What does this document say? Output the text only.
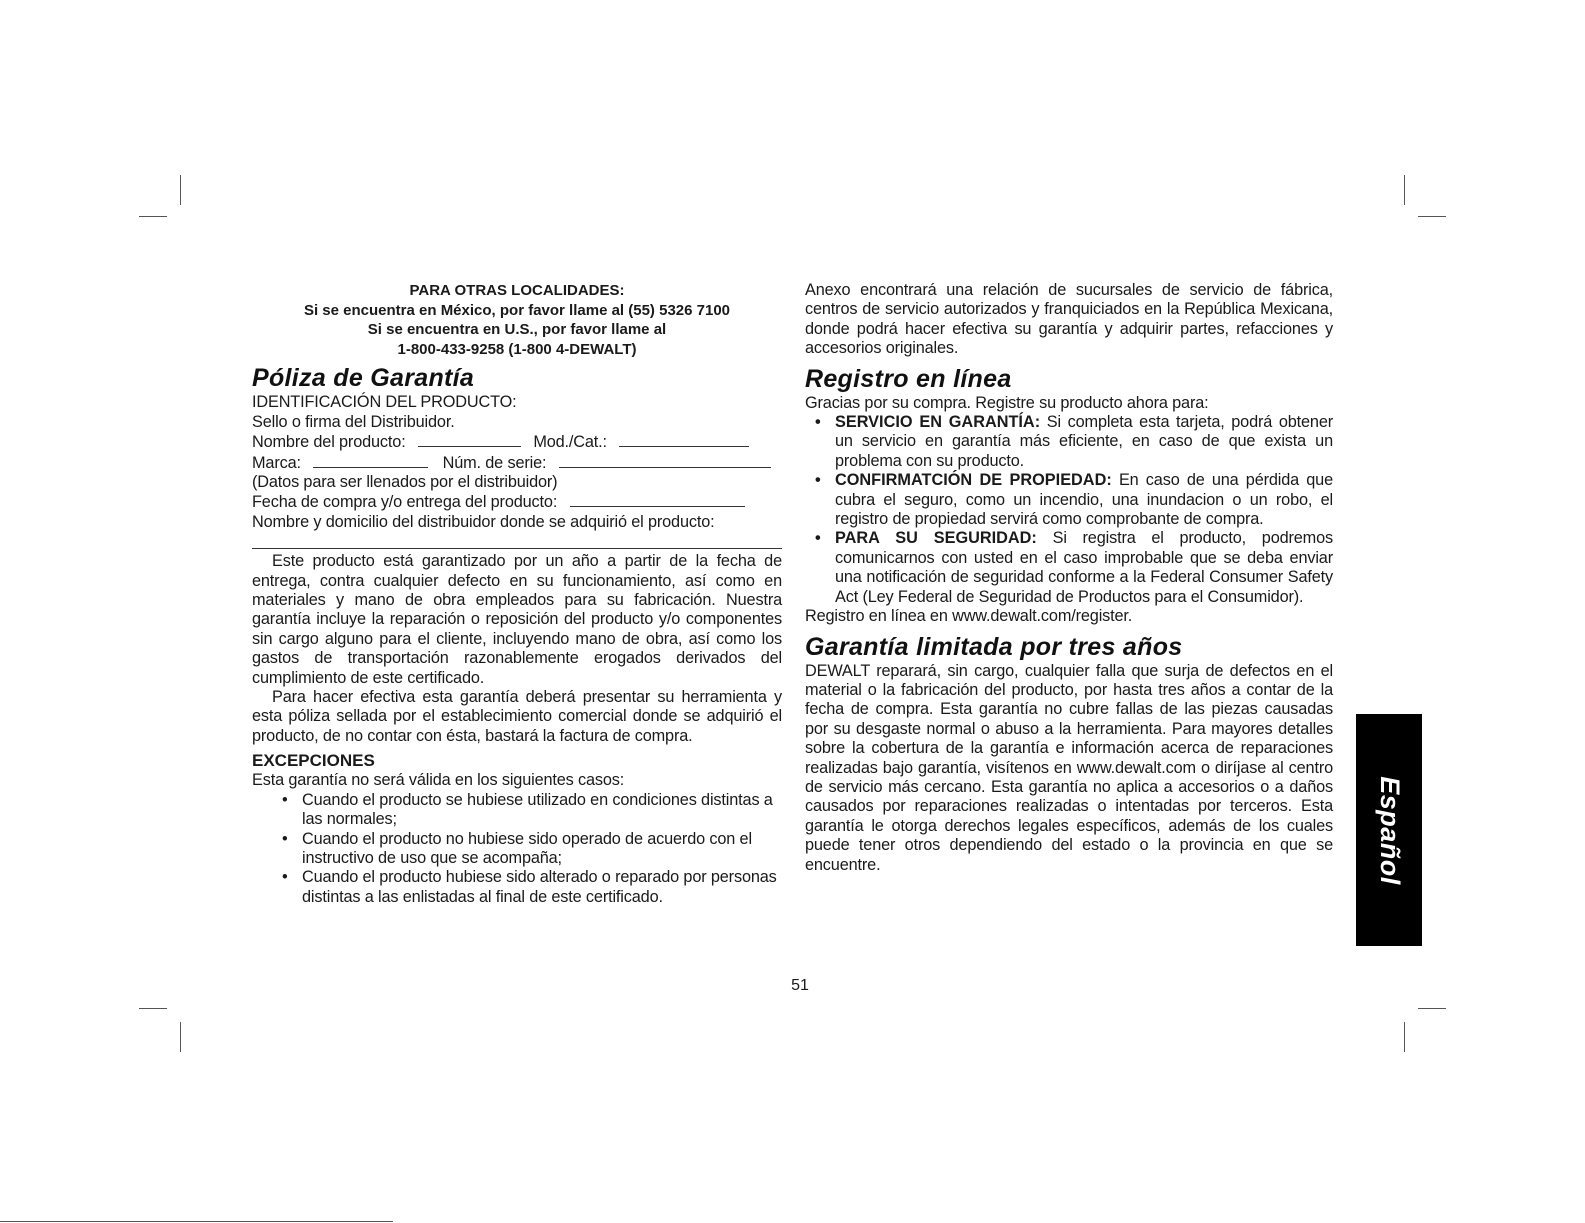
PARA OTRAS LOCALIDADES:
Si se encuentra en México, por favor llame al (55) 5326 7100
Si se encuentra en U.S., por favor llame al
1-800-433-9258 (1-800 4-DEWALT)
Póliza de Garantía
IDENTIFICACIÓN DEL PRODUCTO:
Sello o firma del Distribuidor.
Nombre del producto:	Mod./Cat.:
Marca:	Núm. de serie:
(Datos para ser llenados por el distribuidor)
Fecha de compra y/o entrega del producto:
Nombre y domicilio del distribuidor donde se adquirió el producto:
Este producto está garantizado por un año a partir de la fecha de entrega, contra cualquier defecto en su funcionamiento, así como en materiales y mano de obra empleados para su fabricación. Nuestra garantía incluye la reparación o reposición del producto y/o componentes sin cargo alguno para el cliente, incluyendo mano de obra, así como los gastos de transportación razonablemente erogados derivados del cumplimiento de este certificado.
Para hacer efectiva esta garantía deberá presentar su herramienta y esta póliza sellada por el establecimiento comercial donde se adquirió el producto, de no contar con ésta, bastará la factura de compra.
EXCEPCIONES
Esta garantía no será válida en los siguientes casos:
• Cuando el producto se hubiese utilizado en condiciones distintas a las normales;
• Cuando el producto no hubiese sido operado de acuerdo con el instructivo de uso que se acompaña;
• Cuando el producto hubiese sido alterado o reparado por personas distintas a las enlistadas al final de este certificado.
Anexo encontrará una relación de sucursales de servicio de fábrica, centros de servicio autorizados y franquiciados en la República Mexicana, donde podrá hacer efectiva su garantía y adquirir partes, refacciones y accesorios originales.
Registro en línea
Gracias por su compra. Registre su producto ahora para:
• SERVICIO EN GARANTÍA: Si completa esta tarjeta, podrá obtener un servicio en garantía más eficiente, en caso de que exista un problema con su producto.
• CONFIRMATCIÓN DE PROPIEDAD: En caso de una pérdida que cubra el seguro, como un incendio, una inundacion o un robo, el registro de propiedad servirá como comprobante de compra.
• PARA SU SEGURIDAD: Si registra el producto, podremos comunicarnos con usted en el caso improbable que se deba enviar una notificación de seguridad conforme a la Federal Consumer Safety Act (Ley Federal de Seguridad de Productos para el Consumidor).
Registro en línea en www.dewalt.com/register.
Garantía limitada por tres años
DEWALT reparará, sin cargo, cualquier falla que surja de defectos en el material o la fabricación del producto, por hasta tres años a contar de la fecha de compra. Esta garantía no cubre fallas de las piezas causadas por su desgaste normal o abuso a la herramienta. Para mayores detalles sobre la cobertura de la garantía e información acerca de reparaciones realizadas bajo garantía, visítenos en www.dewalt.com o diríjase al centro de servicio más cercano. Esta garantía no aplica a accesorios o a daños causados por reparaciones realizadas o intentadas por terceros. Esta garantía le otorga derechos legales específicos, además de los cuales puede tener otros dependiendo del estado o la provincia en que se encuentre.	Español
51
